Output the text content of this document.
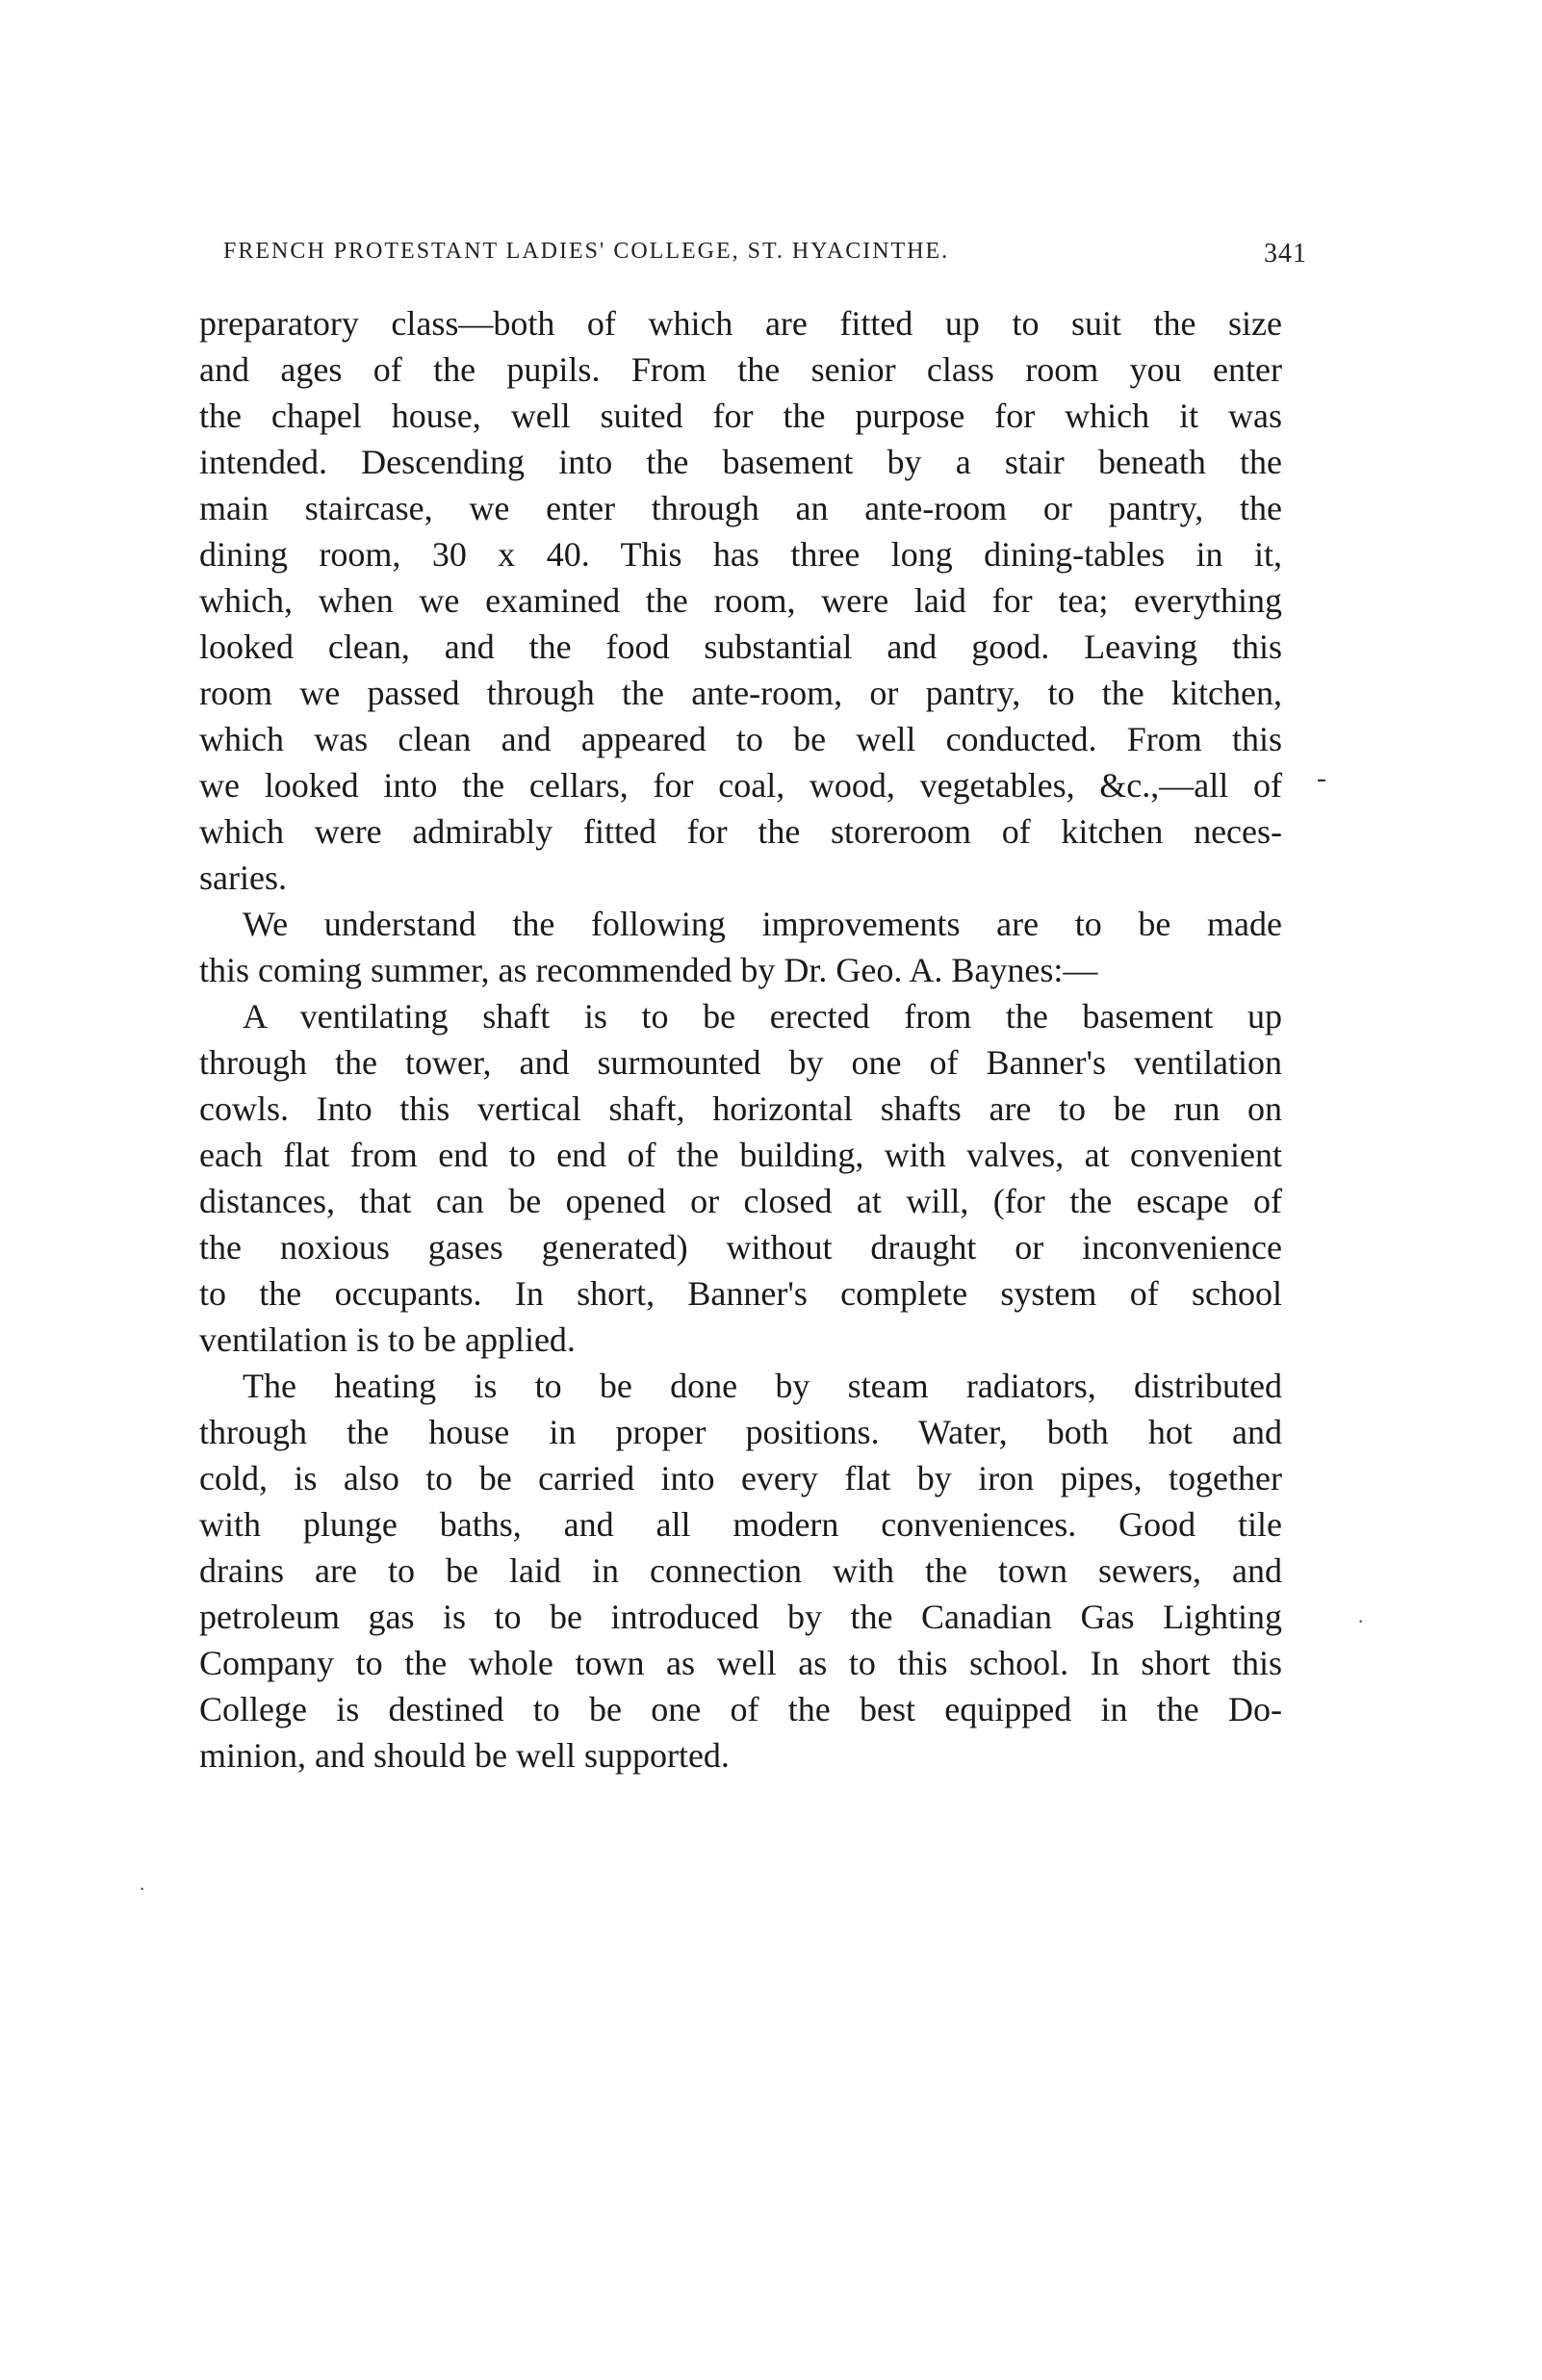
FRENCH PROTESTANT LADIES' COLLEGE, ST. HYACINTHE.	341
preparatory class—both of which are fitted up to suit the size
and ages of the pupils. From the senior class room you enter
the chapel house, well suited for the purpose for which it was
intended. Descending into the basement by a stair beneath the
main staircase, we enter through an ante-room or pantry, the
dining room, 30 x 40. This has three long dining-tables in it,
which, when we examined the room, were laid for tea; everything
looked clean, and the food substantial and good. Leaving this
room we passed through the ante-room, or pantry, to the kitchen,
which was clean and appeared to be well conducted. From this
we looked into the cellars, for coal, wood, vegetables, &c.,—all of
which were admirably fitted for the storeroom of kitchen neces-
saries.
We understand the following improvements are to be made
this coming summer, as recommended by Dr. Geo. A. Baynes:—
A ventilating shaft is to be erected from the basement up
through the tower, and surmounted by one of Banner's ventilation
cowls. Into this vertical shaft, horizontal shafts are to be run on
each flat from end to end of the building, with valves, at convenient
distances, that can be opened or closed at will, (for the escape of
the noxious gases generated) without draught or inconvenience
to the occupants. In short, Banner's complete system of school
ventilation is to be applied.
The heating is to be done by steam radiators, distributed
through the house in proper positions. Water, both hot and
cold, is also to be carried into every flat by iron pipes, together
with plunge baths, and all modern conveniences. Good tile
drains are to be laid in connection with the town sewers, and
petroleum gas is to be introduced by the Canadian Gas Lighting
Company to the whole town as well as to this school. In short this
College is destined to be one of the best equipped in the Do-
minion, and should be well supported.
-
·
·
